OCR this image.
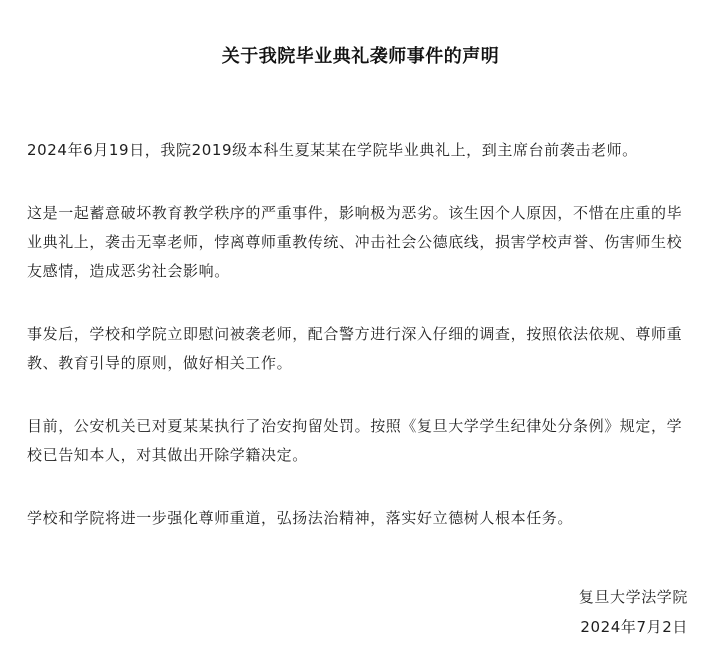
关于我院毕业典礼袭师事件的声明

2024年6月19日，我院2019级本科生夏某某在学院毕业典礼上，到主席台前袭击老师。

这是一起蓄意破坏教育教学秩序的严重事件，影响极为恶劣。该生因个人原因，不惜在庄重的毕业典礼上，袭击无辜老师，悖离尊师重教传统、冲击社会公德底线，损害学校声誉、伤害师生校友感情，造成恶劣社会影响。

事发后，学校和学院立即慰问被袭老师，配合警方进行深入仔细的调查，按照依法依规、尊师重教、教育引导的原则，做好相关工作。

目前，公安机关已对夏某某执行了治安拘留处罚。按照《复旦大学学生纪律处分条例》规定，学校已告知本人，对其做出开除学籍决定。

学校和学院将进一步强化尊师重道，弘扬法治精神，落实好立德树人根本任务。

复旦大学法学院
2024年7月2日
